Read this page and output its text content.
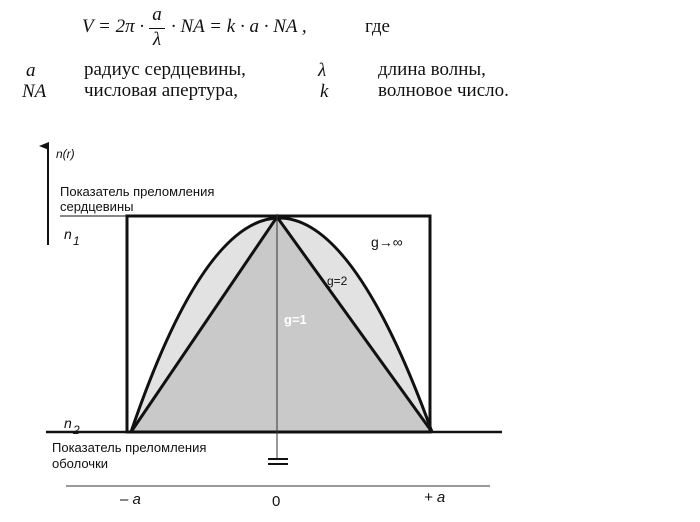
V = 2π ·
a
λ
· NA = k · a · NA ,	где
a	радиус сердцевины,	λ	длина волны,
NA числовая апертура,	k	волновое число.
n(r)
Показатель преломления
сердцевины
n 1
n 2
Показатель преломления
оболочки
g→∞
g=2
g=1
– a	0	+ a
